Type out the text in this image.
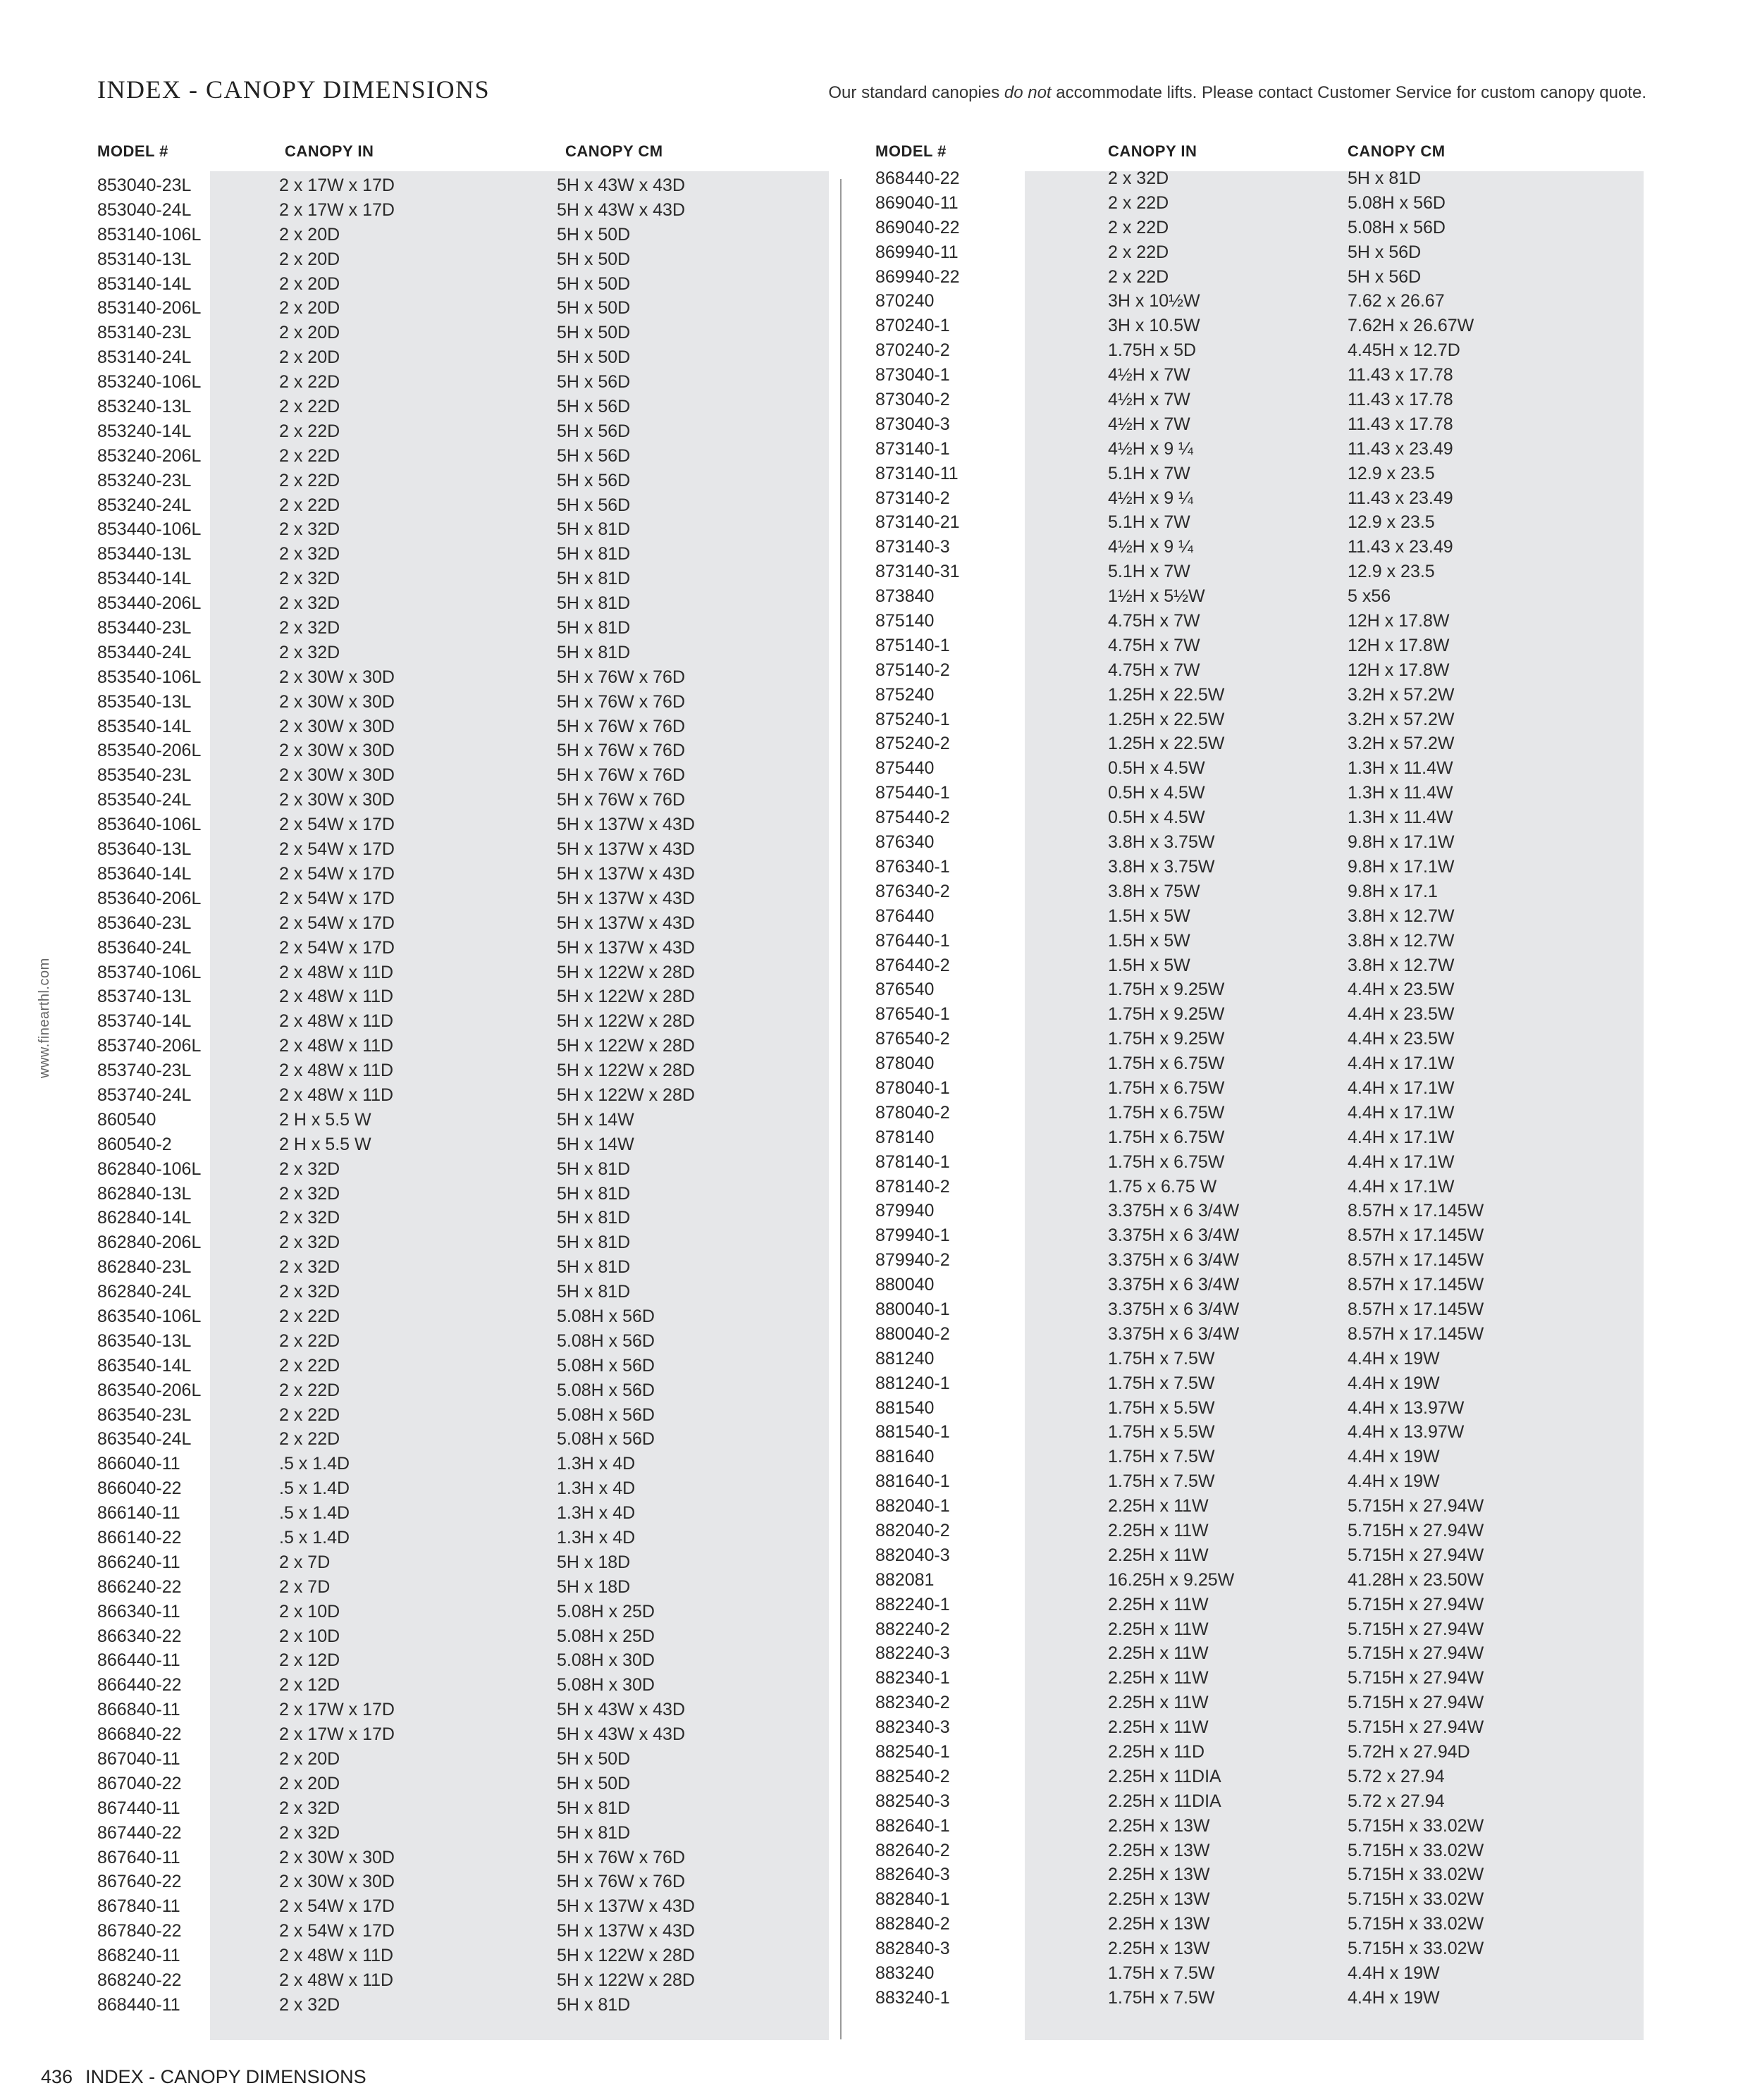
INDEX - CANOPY DIMENSIONS	Our standard canopies do not accommodate lifts. Please contact Customer Service for custom canopy quote.
MODEL #	CANOPY IN	CANOPY CM	MODEL #	CANOPY IN	CANOPY CM
853040-23L	2 x 17W x 17D	5H x 43W x 43D
853040-24L	2 x 17W x 17D	5H x 43W x 43D
853140-106L	2 x 20D	5H x 50D
853140-13L	2 x 20D	5H x 50D
853140-14L	2 x 20D	5H x 50D
853140-206L	2 x 20D	5H x 50D
853140-23L	2 x 20D	5H x 50D
853140-24L	2 x 20D	5H x 50D
853240-106L	2 x 22D	5H x 56D
853240-13L	2 x 22D	5H x 56D
853240-14L	2 x 22D	5H x 56D
853240-206L	2 x 22D	5H x 56D
853240-23L	2 x 22D	5H x 56D
853240-24L	2 x 22D	5H x 56D
853440-106L	2 x 32D	5H x 81D
853440-13L	2 x 32D	5H x 81D
853440-14L	2 x 32D	5H x 81D
853440-206L	2 x 32D	5H x 81D
853440-23L	2 x 32D	5H x 81D
853440-24L	2 x 32D	5H x 81D
853540-106L	2 x 30W x 30D	5H x 76W x 76D
853540-13L	2 x 30W x 30D	5H x 76W x 76D
853540-14L	2 x 30W x 30D	5H x 76W x 76D
853540-206L	2 x 30W x 30D	5H x 76W x 76D
853540-23L	2 x 30W x 30D	5H x 76W x 76D
853540-24L	2 x 30W x 30D	5H x 76W x 76D
853640-106L	2 x 54W x 17D	5H x 137W x 43D
853640-13L	2 x 54W x 17D	5H x 137W x 43D
853640-14L	2 x 54W x 17D	5H x 137W x 43D
853640-206L	2 x 54W x 17D	5H x 137W x 43D
853640-23L	2 x 54W x 17D	5H x 137W x 43D
853640-24L	2 x 54W x 17D	5H x 137W x 43D
853740-106L	2 x 48W x 11D	5H x 122W x 28D
853740-13L	2 x 48W x 11D	5H x 122W x 28D
853740-14L	2 x 48W x 11D	5H x 122W x 28D
853740-206L	2 x 48W x 11D	5H x 122W x 28D
853740-23L	2 x 48W x 11D	5H x 122W x 28D
853740-24L	2 x 48W x 11D	5H x 122W x 28D
860540	2 H x 5.5 W	5H x 14W
860540-2	2 H x 5.5 W	5H x 14W
862840-106L	2 x 32D	5H x 81D
862840-13L	2 x 32D	5H x 81D
862840-14L	2 x 32D	5H x 81D
862840-206L	2 x 32D	5H x 81D
862840-23L	2 x 32D	5H x 81D
862840-24L	2 x 32D	5H x 81D
863540-106L	2 x 22D	5.08H x 56D
863540-13L	2 x 22D	5.08H x 56D
863540-14L	2 x 22D	5.08H x 56D
863540-206L	2 x 22D	5.08H x 56D
863540-23L	2 x 22D	5.08H x 56D
863540-24L	2 x 22D	5.08H x 56D
866040-11	.5 x 1.4D	1.3H x 4D
866040-22	.5 x 1.4D	1.3H x 4D
866140-11	.5 x 1.4D	1.3H x 4D
866140-22	.5 x 1.4D	1.3H x 4D
866240-11	2 x 7D	5H x 18D
866240-22	2 x 7D	5H x 18D
866340-11	2 x 10D	5.08H x 25D
866340-22	2 x 10D	5.08H x 25D
866440-11	2 x 12D	5.08H x 30D
866440-22	2 x 12D	5.08H x 30D
866840-11	2 x 17W x 17D	5H x 43W x 43D
866840-22	2 x 17W x 17D	5H x 43W x 43D
867040-11	2 x 20D	5H x 50D
867040-22	2 x 20D	5H x 50D
867440-11	2 x 32D	5H x 81D
867440-22	2 x 32D	5H x 81D
867640-11	2 x 30W x 30D	5H x 76W x 76D
867640-22	2 x 30W x 30D	5H x 76W x 76D
867840-11	2 x 54W x 17D	5H x 137W x 43D
867840-22	2 x 54W x 17D	5H x 137W x 43D
868240-11	2 x 48W x 11D	5H x 122W x 28D
868240-22	2 x 48W x 11D	5H x 122W x 28D
868440-11	2 x 32D	5H x 81D
868440-22	2 x 32D	5H x 81D
869040-11	2 x 22D	5.08H x 56D
869040-22	2 x 22D	5.08H x 56D
869940-11	2 x 22D	5H x 56D
869940-22	2 x 22D	5H x 56D
870240	3H x 10½W	7.62 x 26.67
870240-1	3H x 10.5W	7.62H x 26.67W
870240-2	1.75H x 5D	4.45H x 12.7D
873040-1	4½H x 7W	11.43 x 17.78
873040-2	4½H x 7W	11.43 x 17.78
873040-3	4½H x 7W	11.43 x 17.78
873140-1	4½H x 9 ¼	11.43 x 23.49
873140-11	5.1H x 7W	12.9 x 23.5
873140-2	4½H x 9 ¼	11.43 x 23.49
873140-21	5.1H x 7W	12.9 x 23.5
873140-3	4½H x 9 ¼	11.43 x 23.49
873140-31	5.1H x 7W	12.9 x 23.5
873840	1½H x 5½W	5 x56
875140	4.75H x 7W	12H x 17.8W
875140-1	4.75H x 7W	12H x 17.8W
875140-2	4.75H x 7W	12H x 17.8W
875240	1.25H x 22.5W	3.2H x 57.2W
875240-1	1.25H x 22.5W	3.2H x 57.2W
875240-2	1.25H x 22.5W	3.2H x 57.2W
875440	0.5H x 4.5W	1.3H x 11.4W
875440-1	0.5H x 4.5W	1.3H x 11.4W
875440-2	0.5H x 4.5W	1.3H x 11.4W
876340	3.8H x 3.75W	9.8H x 17.1W
876340-1	3.8H x 3.75W	9.8H x 17.1W
876340-2	3.8H x 75W	9.8H x 17.1
876440	1.5H x 5W	3.8H x 12.7W
876440-1	1.5H x 5W	3.8H x 12.7W
876440-2	1.5H x 5W	3.8H x 12.7W
876540	1.75H x 9.25W	4.4H x 23.5W
876540-1	1.75H x 9.25W	4.4H x 23.5W
876540-2	1.75H x 9.25W	4.4H x 23.5W
878040	1.75H x 6.75W	4.4H x 17.1W
878040-1	1.75H x 6.75W	4.4H x 17.1W
878040-2	1.75H x 6.75W	4.4H x 17.1W
878140	1.75H x 6.75W	4.4H x 17.1W
878140-1	1.75H x 6.75W	4.4H x 17.1W
878140-2	1.75 x 6.75 W	4.4H x 17.1W
879940	3.375H x 6 3/4W	8.57H x 17.145W
879940-1	3.375H x 6 3/4W	8.57H x 17.145W
879940-2	3.375H x 6 3/4W	8.57H x 17.145W
880040	3.375H x 6 3/4W	8.57H x 17.145W
880040-1	3.375H x 6 3/4W	8.57H x 17.145W
880040-2	3.375H x 6 3/4W	8.57H x 17.145W
881240	1.75H x 7.5W	4.4H x 19W
881240-1	1.75H x 7.5W	4.4H x 19W
881540	1.75H x 5.5W	4.4H x 13.97W
881540-1	1.75H x 5.5W	4.4H x 13.97W
881640	1.75H x 7.5W	4.4H x 19W
881640-1	1.75H x 7.5W	4.4H x 19W
882040-1	2.25H x 11W	5.715H x 27.94W
882040-2	2.25H x 11W	5.715H x 27.94W
882040-3	2.25H x 11W	5.715H x 27.94W
882081	16.25H x 9.25W	41.28H x 23.50W
882240-1	2.25H x 11W	5.715H x 27.94W
882240-2	2.25H x 11W	5.715H x 27.94W
882240-3	2.25H x 11W	5.715H x 27.94W
882340-1	2.25H x 11W	5.715H x 27.94W
882340-2	2.25H x 11W	5.715H x 27.94W
882340-3	2.25H x 11W	5.715H x 27.94W
882540-1	2.25H x 11D	5.72H x 27.94D
882540-2	2.25H x 11DIA	5.72 x 27.94
882540-3	2.25H x 11DIA	5.72 x 27.94
882640-1	2.25H x 13W	5.715H x 33.02W
882640-2	2.25H x 13W	5.715H x 33.02W
882640-3	2.25H x 13W	5.715H x 33.02W
882840-1	2.25H x 13W	5.715H x 33.02W
882840-2	2.25H x 13W	5.715H x 33.02W
882840-3	2.25H x 13W	5.715H x 33.02W
883240	1.75H x 7.5W	4.4H x 19W
883240-1	1.75H x 7.5W	4.4H x 19W
www.finearthl.com
436 INDEX - CANOPY DIMENSIONS
